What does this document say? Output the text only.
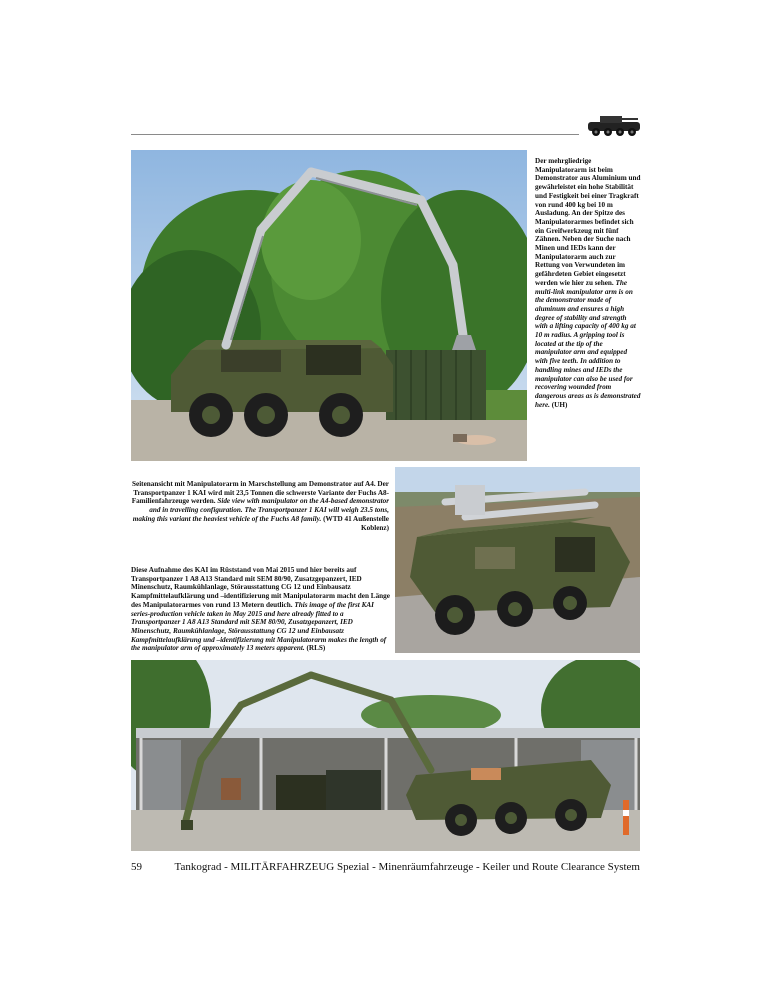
Der mehrgliedrige Manipulatorarm ist beim Demonstrator aus Aluminium und gewährleistet ein hohe Stabilität und Festigkeit bei einer Tragkraft von rund 400 kg bei 10 m Ausladung. An der Spitze des Manipulatorarmes befindet sich ein Greifwerkzeug mit fünf Zähnen. Neben der Suche nach Minen und IEDs kann der Manipulatorarm auch zur Rettung von Verwundeten im gefährdeten Gebiet eingesetzt werden wie hier zu sehen. The multi-link manipulator arm is on the demonstrator made of aluminum and ensures a high degree of stability and strength with a lifting capacity of 400 kg at 10 m radius. A gripping tool is located at the tip of the manipulator arm and equipped with five teeth. In addition to handling mines and IEDs the manipulator can also be used for recovering wounded from dangerous areas as is demonstrated here. (UH)
Seitenansicht mit Manipulatorarm in Marschstellung am Demonstrator auf A4. Der Transportpanzer 1 KAI wird mit 23,5 Tonnen die schwerste Variante der Fuchs A8-Familienfahrzeuge werden. Side view with manipulator on the A4-based demonstrator and in travelling configuration. The Transportpanzer 1 KAI will weigh 23.5 tons, making this variant the heaviest vehicle of the Fuchs A8 family. (WTD 41 Außenstelle Koblenz)
Diese Aufnahme des KAI im Rüststand von Mai 2015 und hier bereits auf Transportpanzer 1 A8 A13 Standard mit SEM 80/90, Zusatzgepanzert, IED Minenschutz, Raumkühlanlage, Störausstattung CG 12 und Einbausatz Kampfmittelaufklärung und –identifizierung mit Manipulatorarm macht den Länge des Manipulatorarmes von rund 13 Metern deutlich. This image of the first KAI series-production vehicle taken in May 2015 and here already fitted to a Transportpanzer 1 A8 A13 Standard mit SEM 80/90, Zusatzgepanzert, IED Minenschutz, Raumkühlanlage, Störausstattung CG 12 und Einbausatz Kampfmittelaufklärung und –identifizierung mit Manipulatorarm makes the length of the manipulator arm of approximately 13 meters apparent. (RLS)
59	Tankograd - MILITÄRFAHRZEUG Spezial - Minenräumfahrzeuge - Keiler und Route Clearance System
